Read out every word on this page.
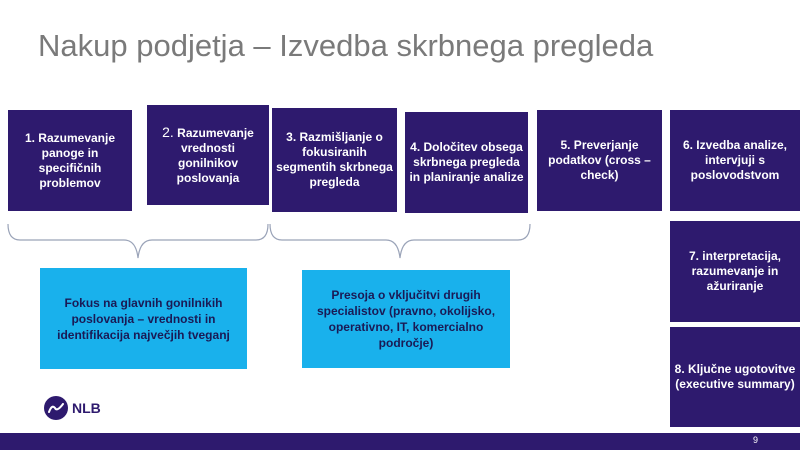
Nakup podjetja – Izvedba skrbnega pregleda
1. Razumevanje panoge in specifičnih problemov
2. Razumevanje vrednosti gonilnikov poslovanja
3. Razmišljanje o fokusiranih segmentih skrbnega pregleda
4. Določitev obsega skrbnega pregleda in planiranje analize
5. Preverjanje podatkov (cross – check)
6. Izvedba analize, intervjuji s poslovodstvom
7. interpretacija, razumevanje in ažuriranje
8. Ključne ugotovitve (executive summary)
Fokus na glavnih gonilnikih poslovanja – vrednosti in identifikacija največjih tveganj
Presoja o vključitvi drugih specialistov (pravno, okolijsko, operativno, IT, komercialno področje)
NLB
9
